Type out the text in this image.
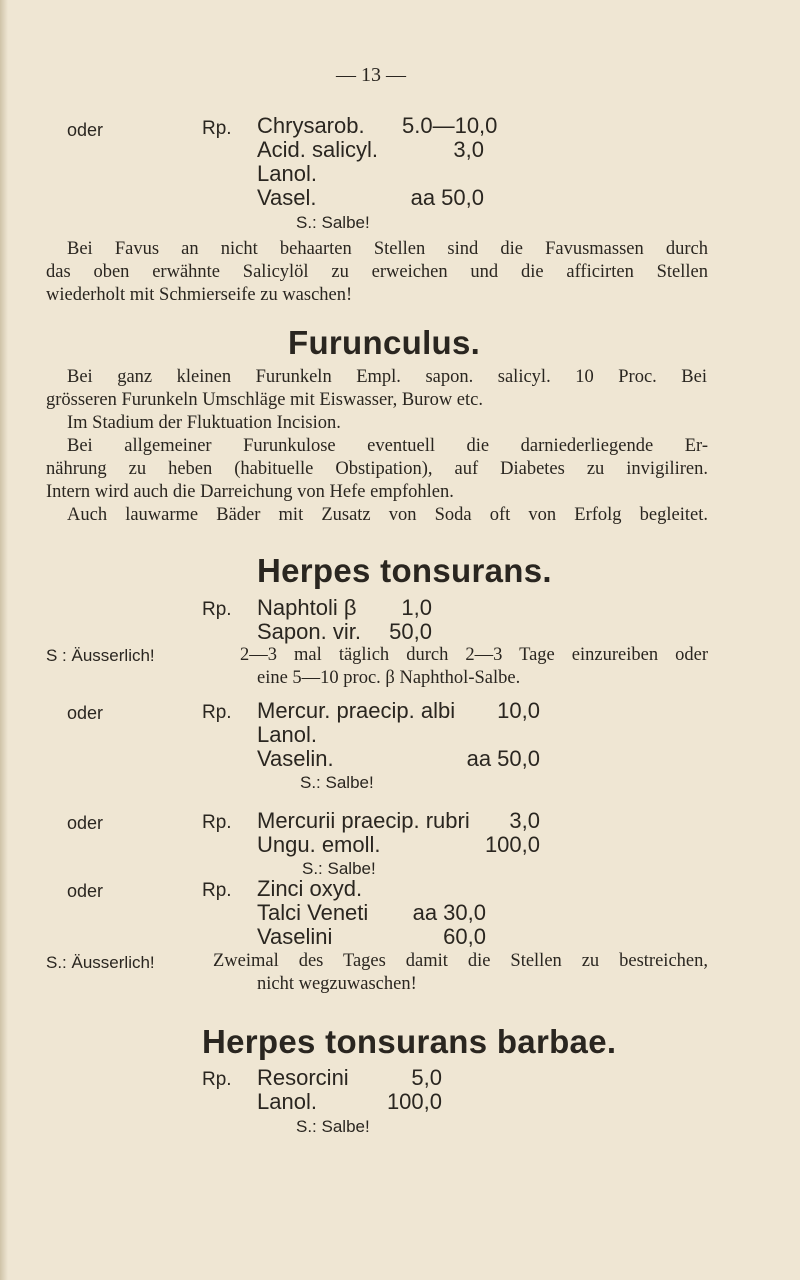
— 13 —
oder	Rp. Chrysarob. 5.0—10,0
Acid. salicyl.	3,0
Lanol.
Vasel.	aa 50,0
S.: Salbe!
Bei Favus an nicht behaarten Stellen sind die Favusmassen durch
das oben erwähnte Salicylöl zu erweichen und die afficirten Stellen
wiederholt mit Schmierseife zu waschen!
Furunculus.
Bei ganz kleinen Furunkeln Empl. sapon. salicyl. 10 Proc. Bei
grösseren Furunkeln Umschläge mit Eiswasser, Burow etc.
Im Stadium der Fluktuation Incision.
Bei allgemeiner Furunkulose eventuell die darniederliegende Er-
nährung zu heben (habituelle Obstipation), auf Diabetes zu invigiliren.
Intern wird auch die Darreichung von Hefe empfohlen.
Auch lauwarme Bäder mit Zusatz von Soda oft von Erfolg begleitet.
Herpes tonsurans.
Rp. Naphtoli β	1,0
Sapon. vir.	50,0
S : Äusserlich!	2—3 mal täglich durch 2—3 Tage einzureiben oder
eine 5—10 proc. β Naphthol-Salbe.
oder	Rp. Mercur. praecip. albi	10,0
Lanol.
Vaselin.	aa 50,0
S.: Salbe!
oder	Rp. Mercurii praecip. rubri	3,0
Ungu. emoll.	100,0
S.: Salbe!
oder	Rp. Zinci oxyd.
Talci Veneti	aa 30,0
Vaselini	60,0
S.: Äusserlich!	Zweimal des Tages damit die Stellen zu bestreichen,
nicht wegzuwaschen!
Herpes tonsurans barbae.
Rp. Resorcini	5,0
Lanol.	100,0
S.: Salbe!
